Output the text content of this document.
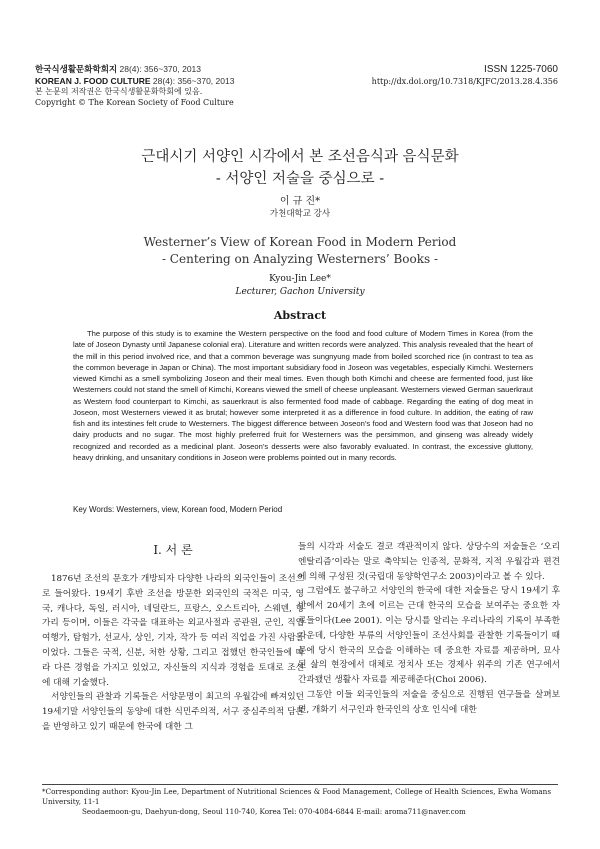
한국식생활문화학회지 28(4): 356~370, 2013
KOREAN J. FOOD CULTURE 28(4): 356~370, 2013
본 논문의 저작권은 한국식생활문화학회에 있음.
Copyright © The Korean Society of Food Culture
ISSN 1225-7060
http://dx.doi.org/10.7318/KJFC/2013.28.4.356
근대시기 서양인 시각에서 본 조선음식과 음식문화
- 서양인 저술을 중심으로 -
이 규 진*
가천대학교 강사
Westerner’s View of Korean Food in Modern Period
- Centering on Analyzing Westerners’ Books -
Kyou-Jin Lee*
Lecturer, Gachon University
Abstract
The purpose of this study is to examine the Western perspective on the food and food culture of Modern Times in Korea (from the late of Joseon Dynasty until Japanese colonial era). Literature and written records were analyzed. This analysis revealed that the heart of the mill in this period involved rice, and that a common beverage was sungnyung made from boiled scorched rice (in contrast to tea as the common beverage in Japan or China). The most important subsidiary food in Joseon was vegetables, especially Kimchi. Westerners viewed Kimchi as a smell symbolizing Joseon and their meal times. Even though both Kimchi and cheese are fermented food, just like Westerners could not stand the smell of Kimchi, Koreans viewed the smell of cheese unpleasant. Westerners viewed German sauerkraut as Western food counterpart to Kimchi, as sauerkraut is also fermented food made of cabbage. Regarding the eating of dog meat in Joseon, most Westerners viewed it as brutal; however some interpreted it as a difference in food culture. In addition, the eating of raw fish and its intestines felt crude to Westerners. The biggest difference between Joseon’s food and Western food was that Joseon had no dairy products and no sugar. The most highly preferred fruit for Westerners was the persimmon, and ginseng was already widely recognized and recorded as a medicinal plant. Joseon’s desserts were also favorably evaluated. In contrast, the excessive gluttony, heavy drinking, and unsanitary conditions in Joseon were problems pointed out in many records.
Key Words: Westerners, view, Korean food, Modern Period
I. 서 론

1876년 조선의 문호가 개방되자 다양한 나라의 외국인들이 조선으로 들어왔다. 19세기 후반 조선을 방문한 외국인의 국적은 미국, 영국, 캐나다, 독일, 러시아, 네덜란드, 프랑스, 오스트리아, 스웨덴, 헝가리 등이며, 이들은 각국을 대표하는 외교사절과 공관원, 군인, 직업 여행가, 탐험가, 선교사, 상인, 기자, 작가 등 여러 직업을 가진 사람들이었다. 그들은 국적, 신분, 처한 상황, 그리고 접했던 한국인들에 따라 다른 경험을 가지고 있었고, 자신들의 지식과 경험을 토대로 조선에 대해 기술했다.

서양인들의 관찰과 기록들은 서양문명이 최고의 우월감에 빠져있던 19세기말 서양인들의 동양에 대한 식민주의적, 서구 중심주의적 담론을 반영하고 있기 때문에 한국에 대한 그

들의 시각과 서술도 결코 객관적이지 않다. 상당수의 저술들은 ‘오리엔탈리즘’이라는 말로 축약되는 인종적, 문화적, 지적 우월감과 편견에 의해 구성된 것(국립대 동양학연구소 2003)이라고 볼 수 있다.

그럼에도 불구하고 서양인의 한국에 대한 저술들은 당시 19세기 후반에서 20세기 초에 이르는 근대 한국의 모습을 보여주는 중요한 자료들이다(Lee 2001). 이는 당시를 알리는 우리나라의 기록이 부족한 가운데, 다양한 부류의 서양인들이 조선사회를 관찰한 기록들이기 때문에 당시 한국의 모습을 이해하는 데 중요한 자료를 제공하며, 묘사된 삶의 현장에서 대체로 정치사 또는 경제사 위주의 기존 연구에서 간과됐던 생활사 자료를 제공해준다(Choi 2006).

그동안 이들 외국인들의 저술을 중심으로 진행된 연구들을 살펴보면, 개화기 서구인과 한국인의 상호 인식에 대한

*Corresponding author: Kyou-Jin Lee, Department of Nutritional Sciences & Food Management, College of Health Sciences, Ewha Womans University, 11-1
Seodaemoon-gu, Daehyun-dong, Seoul 110-740, Korea Tel: 070-4084-6844 E-mail: aroma711@naver.com
